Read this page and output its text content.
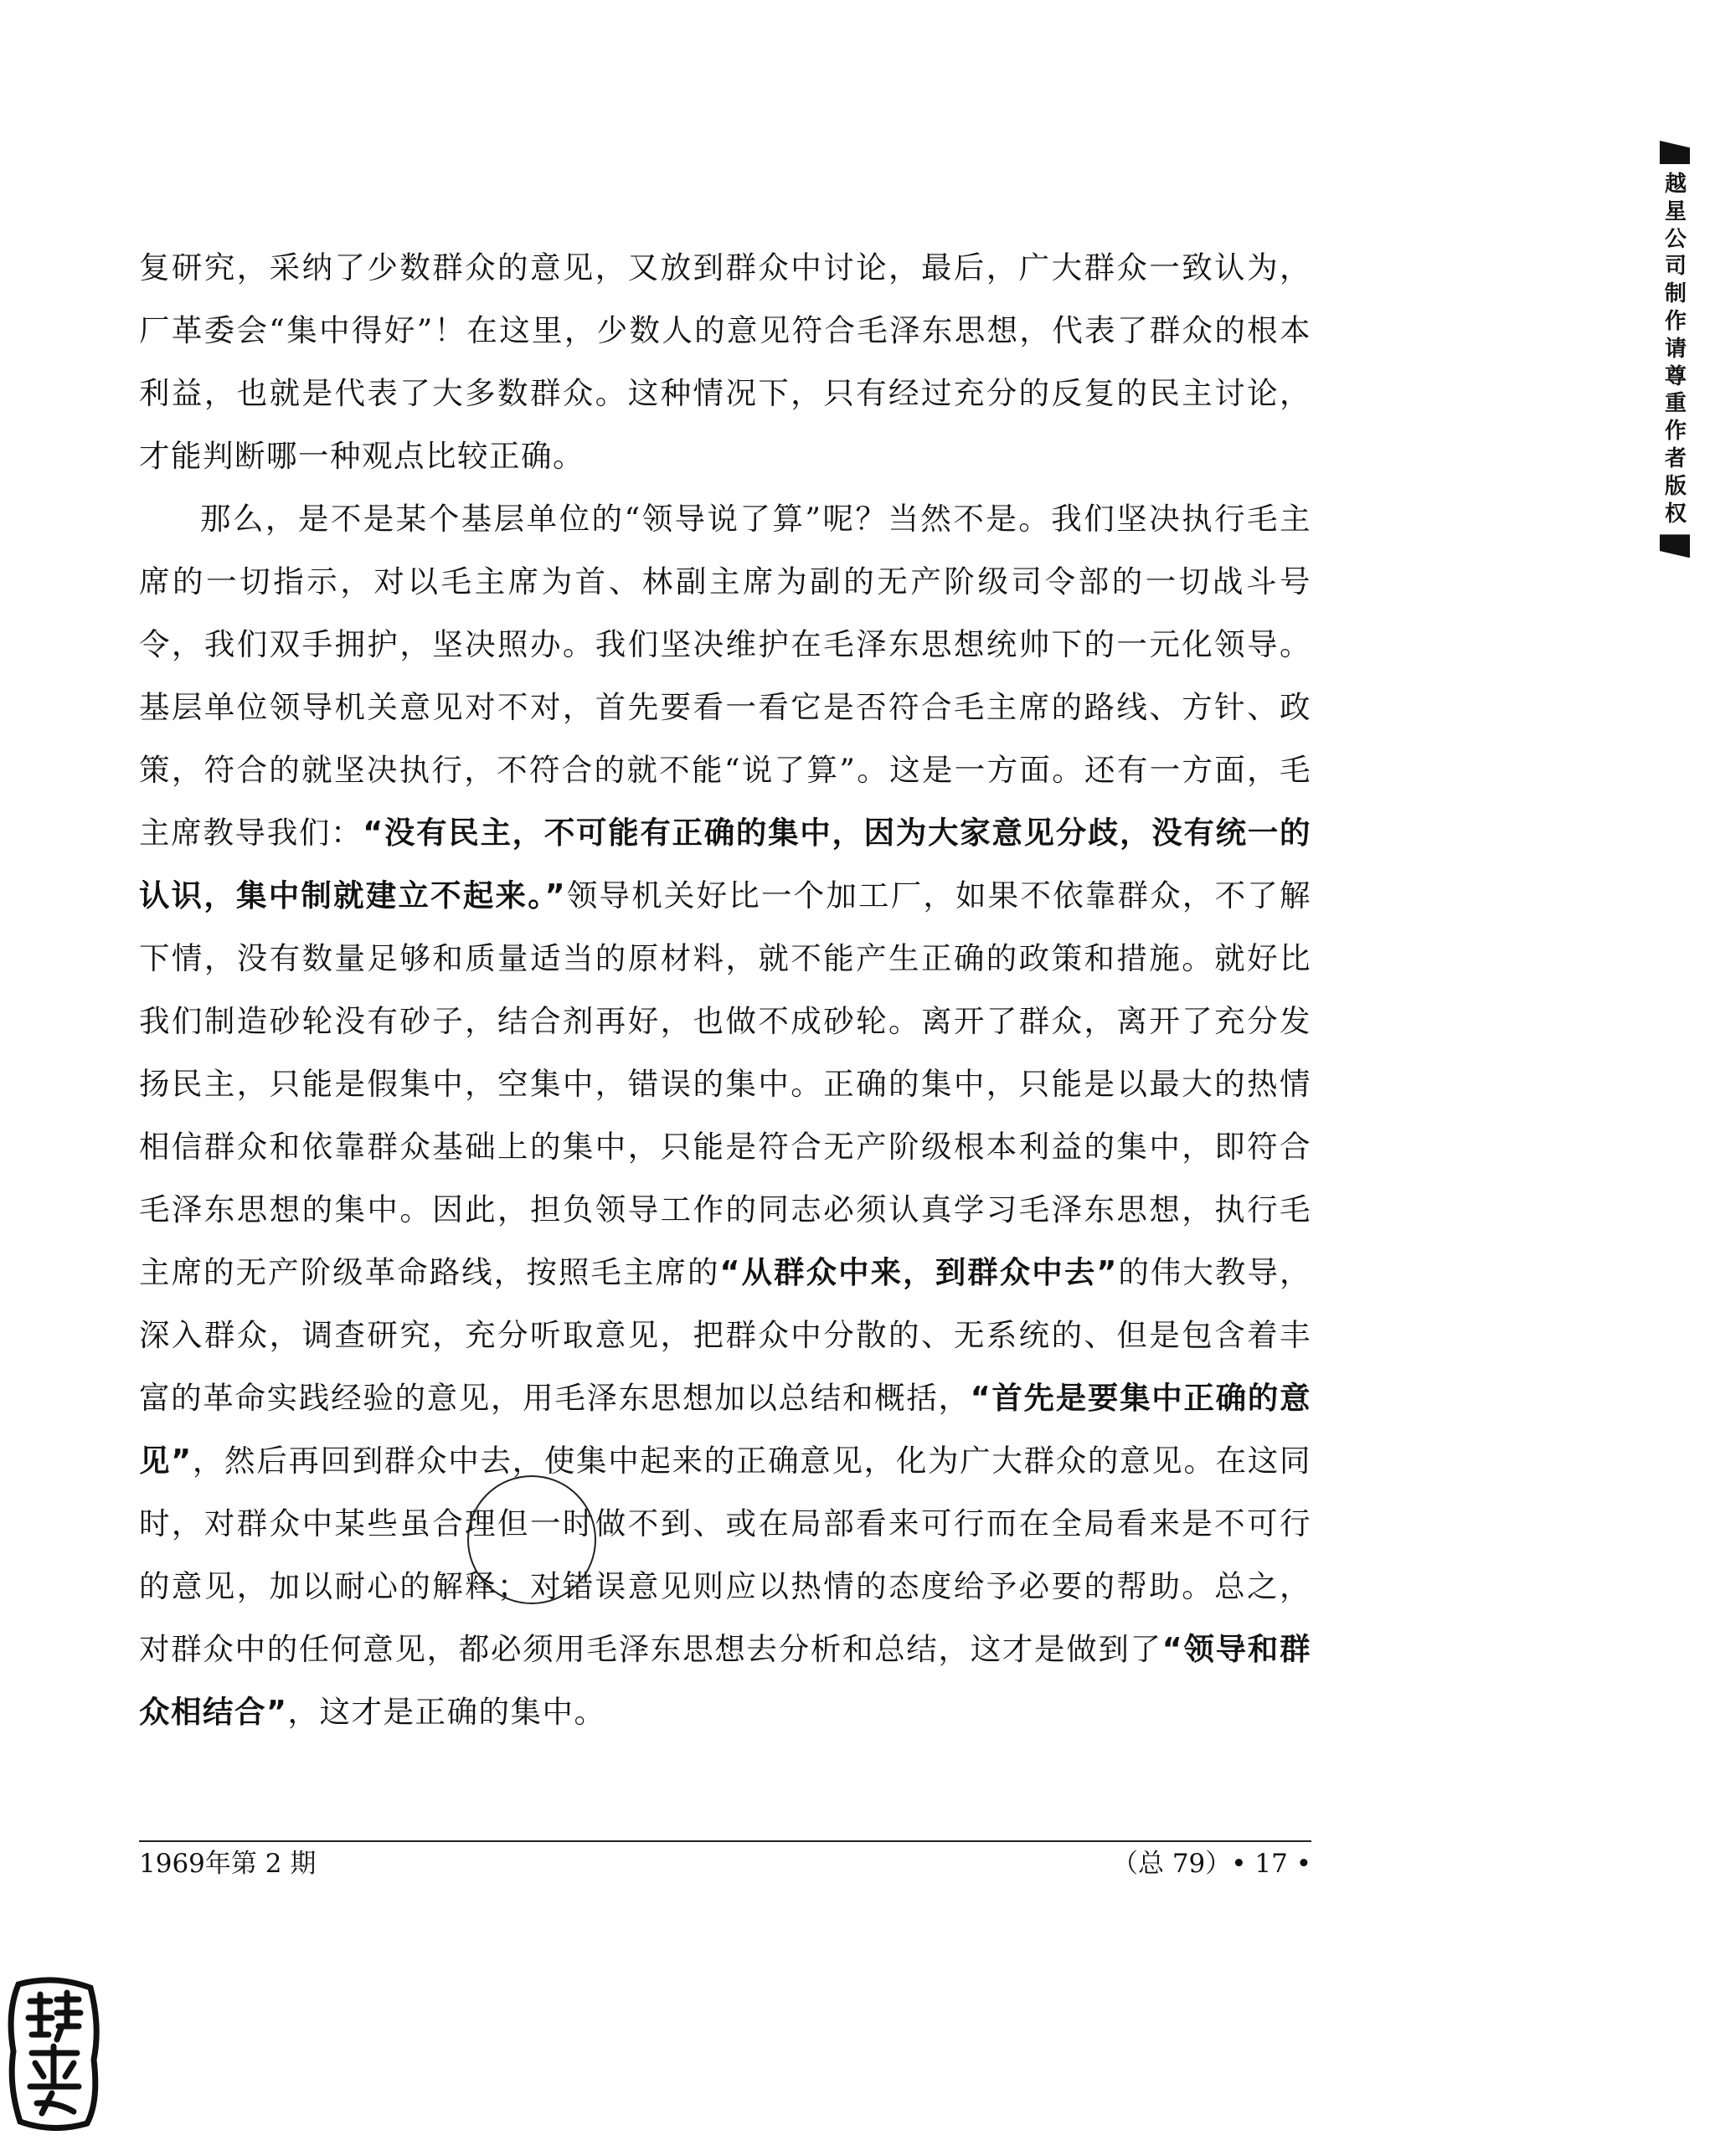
越星公司制作请尊重作者版权

复研究，采纳了少数群众的意见，又放到群众中讨论，最后，广大群众一致认为，厂革委会“集中得好”！在这里，少数人的意见符合毛泽东思想，代表了群众的根本利益，也就是代表了大多数群众。这种情况下，只有经过充分的反复的民主讨论，才能判断哪一种观点比较正确。

那么，是不是某个基层单位的“领导说了算”呢？当然不是。我们坚决执行毛主席的一切指示，对以毛主席为首、林副主席为副的无产阶级司令部的一切战斗号令，我们双手拥护，坚决照办。我们坚决维护在毛泽东思想统帅下的一元化领导。基层单位领导机关意见对不对，首先要看一看它是否符合毛主席的路线、方针、政策，符合的就坚决执行，不符合的就不能“说了算”。这是一方面。还有一方面，毛主席教导我们：“没有民主，不可能有正确的集中，因为大家意见分歧，没有统一的认识，集中制就建立不起来。”领导机关好比一个加工厂，如果不依靠群众，不了解下情，没有数量足够和质量适当的原材料，就不能产生正确的政策和措施。就好比我们制造砂轮没有砂子，结合剂再好，也做不成砂轮。离开了群众，离开了充分发扬民主，只能是假集中，空集中，错误的集中。正确的集中，只能是以最大的热情相信群众和依靠群众基础上的集中，只能是符合无产阶级根本利益的集中，即符合毛泽东思想的集中。因此，担负领导工作的同志必须认真学习毛泽东思想，执行毛主席的无产阶级革命路线，按照毛主席的“从群众中来，到群众中去”的伟大教导，深入群众，调查研究，充分听取意见，把群众中分散的、无系统的、但是包含着丰富的革命实践经验的意见，用毛泽东思想加以总结和概括，“首先是要集中正确的意见”，然后再回到群众中去，使集中起来的正确意见，化为广大群众的意见。在这同时，对群众中某些虽合理但一时做不到、或在局部看来可行而在全局看来是不可行的意见，加以耐心的解释；对错误意见则应以热情的态度给予必要的帮助。总之，对群众中的任何意见，都必须用毛泽东思想去分析和总结，这才是做到了“领导和群众相结合”，这才是正确的集中。

1969年第 2 期	（总 79）• 17 •
